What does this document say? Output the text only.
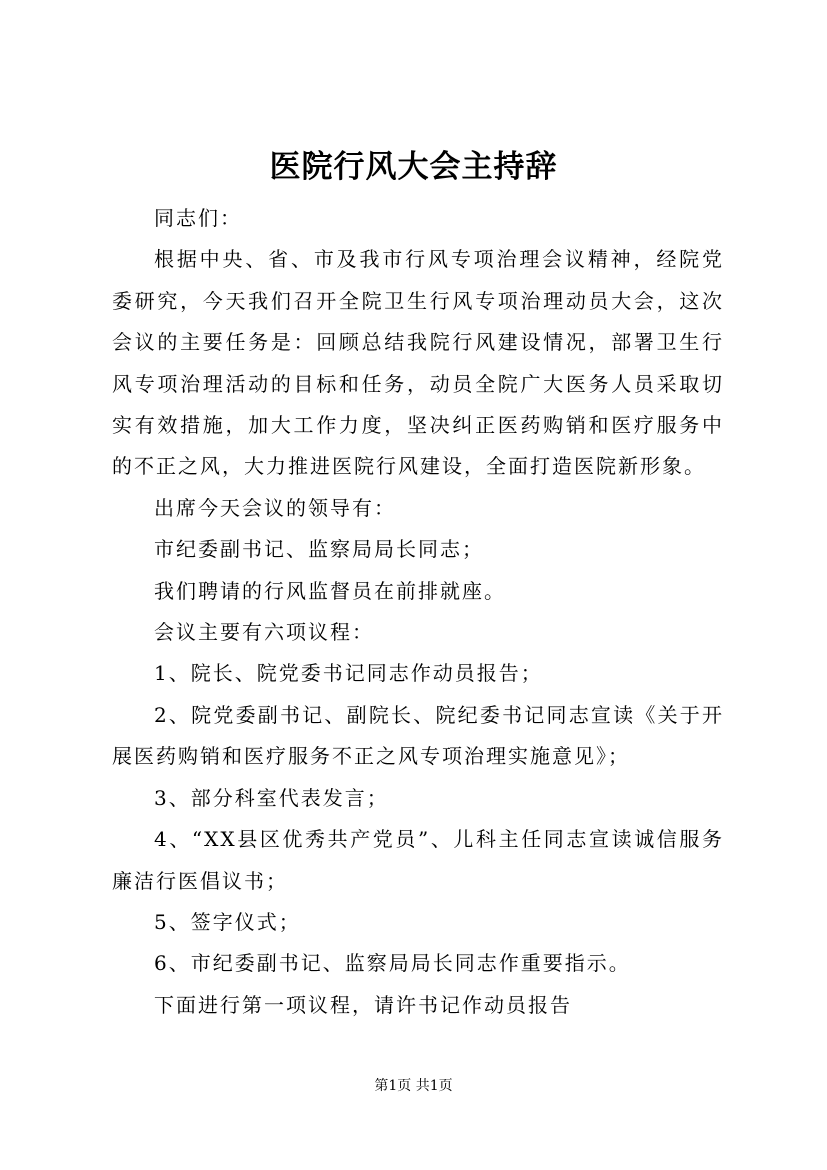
医院行风大会主持辞

同志们：

根据中央、省、市及我市行风专项治理会议精神，经院党委研究，今天我们召开全院卫生行风专项治理动员大会，这次会议的主要任务是：回顾总结我院行风建设情况，部署卫生行风专项治理活动的目标和任务，动员全院广大医务人员采取切实有效措施，加大工作力度，坚决纠正医药购销和医疗服务中的不正之风，大力推进医院行风建设，全面打造医院新形象。

出席今天会议的领导有：

市纪委副书记、监察局局长同志；

我们聘请的行风监督员在前排就座。

会议主要有六项议程：

1、院长、院党委书记同志作动员报告；

2、院党委副书记、副院长、院纪委书记同志宣读《关于开展医药购销和医疗服务不正之风专项治理实施意见》；

3、部分科室代表发言；

4、“XX县区优秀共产党员”、儿科主任同志宣读诚信服务廉洁行医倡议书；

5、签字仪式；

6、市纪委副书记、监察局局长同志作重要指示。

下面进行第一项议程，请许书记作动员报告

第1页 共1页
